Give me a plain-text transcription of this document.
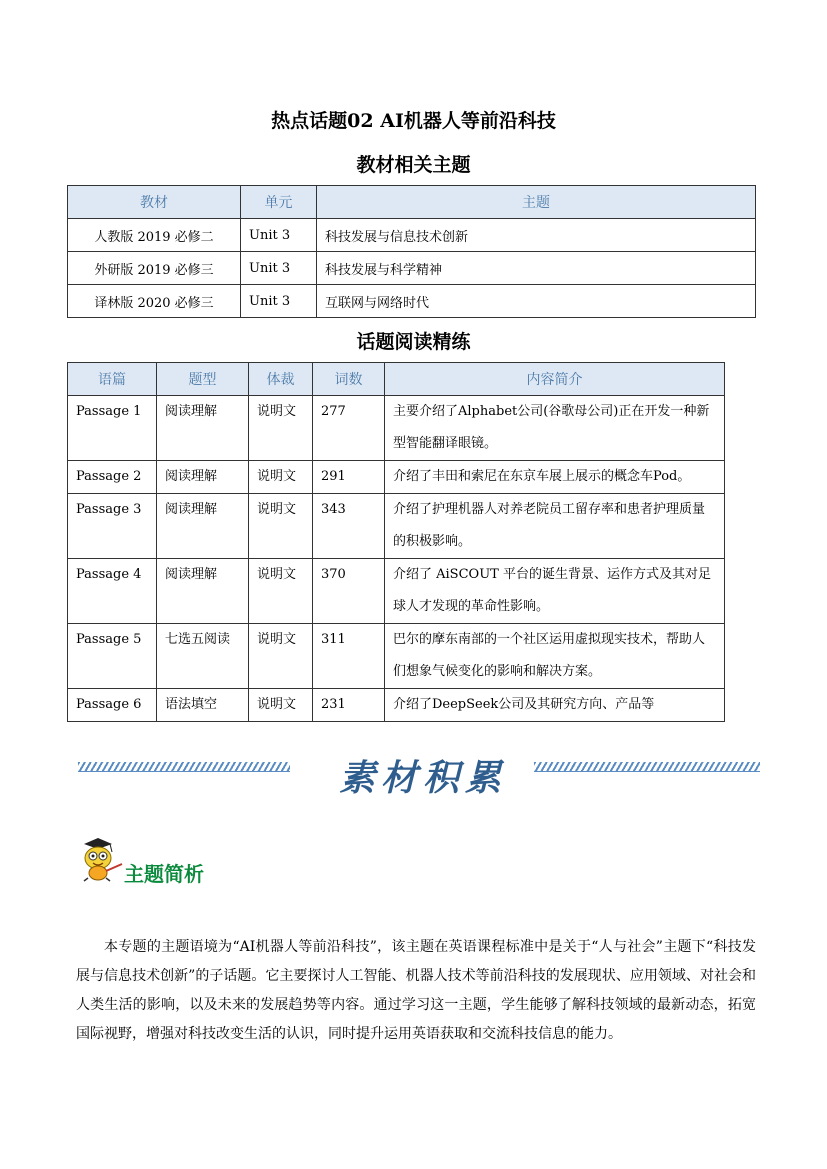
热点话题02 AI机器人等前沿科技
教材相关主题
教材	单元	主题
人教版 2019 必修二	Unit 3	科技发展与信息技术创新
外研版 2019 必修三	Unit 3	科技发展与科学精神
译林版 2020 必修三	Unit 3	互联网与网络时代
话题阅读精练
语篇	题型	体裁	词数	内容简介
Passage 1	阅读理解	说明文	277	主要介绍了Alphabet公司(谷歌母公司)正在开发一种新型智能翻译眼镜。
Passage 2	阅读理解	说明文	291	介绍了丰田和索尼在东京车展上展示的概念车Pod。
Passage 3	阅读理解	说明文	343	介绍了护理机器人对养老院员工留存率和患者护理质量的积极影响。
Passage 4	阅读理解	说明文	370	介绍了 AiSCOUT 平台的诞生背景、运作方式及其对足球人才发现的革命性影响。
Passage 5	七选五阅读	说明文	311	巴尔的摩东南部的一个社区运用虚拟现实技术，帮助人们想象气候变化的影响和解决方案。
Passage 6	语法填空	说明文	231	介绍了DeepSeek公司及其研究方向、产品等
素材积累
主题简析

本专题的主题语境为“AI机器人等前沿科技”，该主题在英语课程标准中是关于“人与社会”主题下“科技发展与信息技术创新”的子话题。它主要探讨人工智能、机器人技术等前沿科技的发展现状、应用领域、对社会和人类生活的影响，以及未来的发展趋势等内容。通过学习这一主题，学生能够了解科技领域的最新动态，拓宽国际视野，增强对科技改变生活的认识，同时提升运用英语获取和交流科技信息的能力。
